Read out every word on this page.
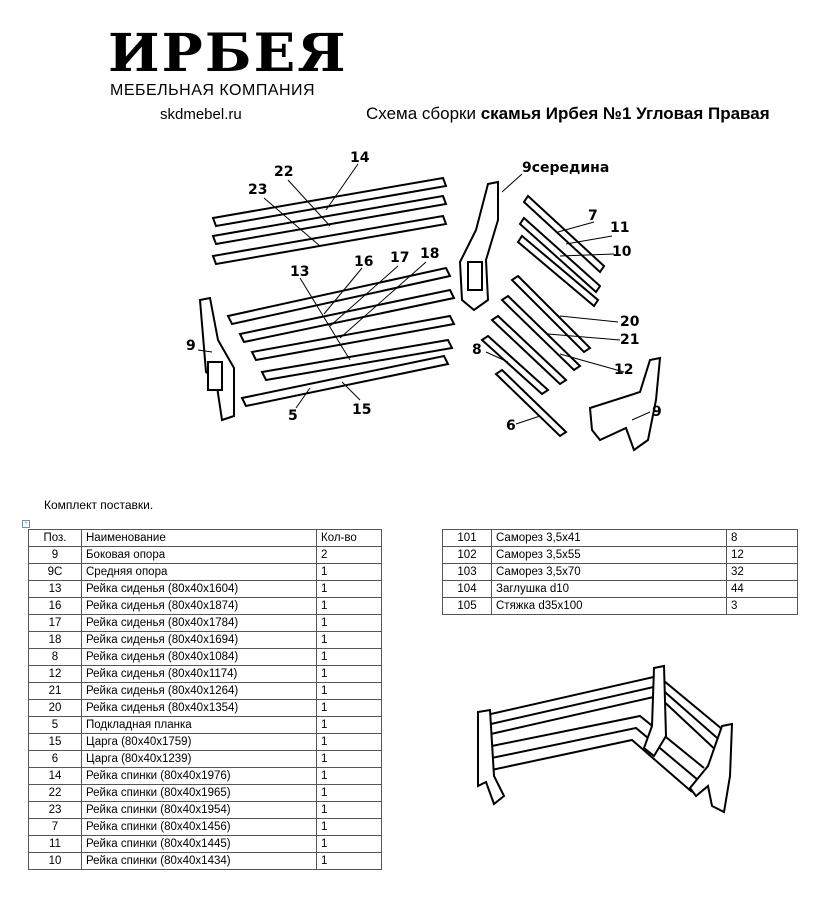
ИРБЕЯ
МЕБЕЛЬНАЯ КОМПАНИЯ
skdmebel.ru	Схема сборки скамья Ирбея №1 Угловая Правая
22
14
23
9середина
7
11
10
13
16 17 18
9
20
21
8
12
5	15
6
9
Комплект поставки.
+
Поз.	Наименование	Кол-во
9	Боковая опора	2
9С	Средняя опора	1
13	Рейка сиденья (80х40х1604)	1
16	Рейка сиденья (80х40х1874)	1
17	Рейка сиденья (80х40х1784)	1
18	Рейка сиденья (80х40х1694)	1
8	Рейка сиденья (80х40х1084)	1
12	Рейка сиденья (80х40х1174)	1
21	Рейка сиденья (80х40х1264)	1
20	Рейка сиденья (80х40х1354)	1
5	Подкладная планка	1
15	Царга (80х40х1759)	1
6	Царга (80х40х1239)	1
14	Рейка спинки (80х40х1976)	1
22	Рейка спинки (80х40х1965)	1
23	Рейка спинки (80х40х1954)	1
7	Рейка спинки (80х40х1456)	1
11	Рейка спинки (80х40х1445)	1
10	Рейка спинки (80х40х1434)	1
101	Саморез 3,5х41	8
102	Саморез 3,5х55	12
103	Саморез 3,5х70	32
104	Заглушка d10	44
105	Стяжка d35х100	3
